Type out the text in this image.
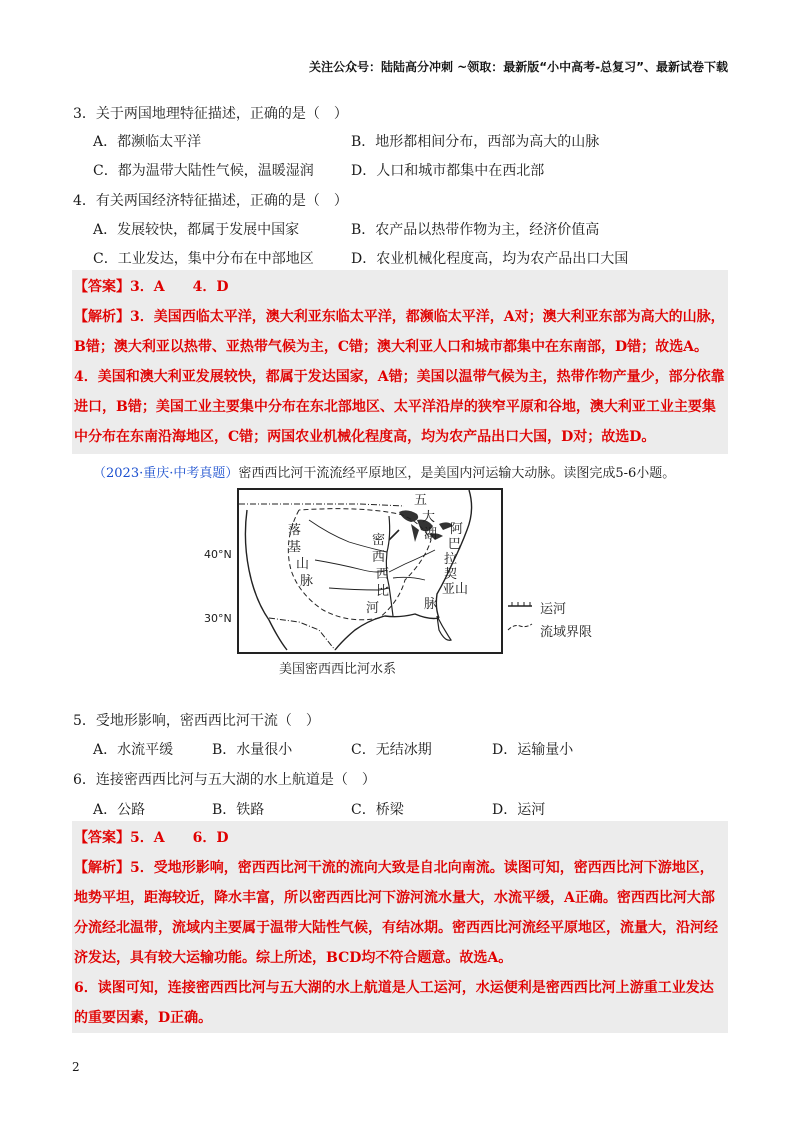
关注公众号：陆陆高分冲刺 ~领取：最新版“小中高考-总复习”、最新试卷下载
3．关于两国地理特征描述，正确的是（　）
A．都濒临太平洋	B．地形都相间分布，西部为高大的山脉
C．都为温带大陆性气候，温暖湿润	D．人口和城市都集中在西北部
4．有关两国经济特征描述，正确的是（　）
A．发展较快，都属于发展中国家	B．农产品以热带作物为主，经济价值高
C．工业发达，集中分布在中部地区	D．农业机械化程度高，均为农产品出口大国
【答案】3．A　　4．D
【解析】3．美国西临太平洋，澳大利亚东临太平洋，都濒临太平洋，A对；澳大利亚东部为高大的山脉，
B错；澳大利亚以热带、亚热带气候为主，C错；澳大利亚人口和城市都集中在东南部，D错；故选A。
4．美国和澳大利亚发展较快，都属于发达国家，A错；美国以温带气候为主，热带作物产量少，部分依靠
进口，B错；美国工业主要集中分布在东北部地区、太平洋沿岸的狭窄平原和谷地，澳大利亚工业主要集
中分布在东南沿海地区，C错；两国农业机械化程度高，均为农产品出口大国，D对；故选D。
（2023·重庆·中考真题）密西西比河干流流经平原地区，是美国内河运输大动脉。读图完成5-6小题。
40°N
30°N
落
基
山
脉
密
西
西
比
河
五
大
湖 阿
巴
拉
契
亚山
脉
美国密西西比河水系
运河
流域界限
5．受地形影响，密西西比河干流（　）
A．水流平缓	B．水量很小	C．无结冰期	D．运输量小
6．连接密西西比河与五大湖的水上航道是（　）
A．公路	B．铁路	C．桥梁	D．运河
【答案】5．A　　6．D
【解析】5．受地形影响，密西西比河干流的流向大致是自北向南流。读图可知，密西西比河下游地区，
地势平坦，距海较近，降水丰富，所以密西西比河下游河流水量大，水流平缓，A正确。密西西比河大部
分流经北温带，流域内主要属于温带大陆性气候，有结冰期。密西西比河流经平原地区，流量大，沿河经
济发达，具有较大运输功能。综上所述，BCD均不符合题意。故选A。
6．读图可知，连接密西西比河与五大湖的水上航道是人工运河，水运便利是密西西比河上游重工业发达
的重要因素，D正确。
2
